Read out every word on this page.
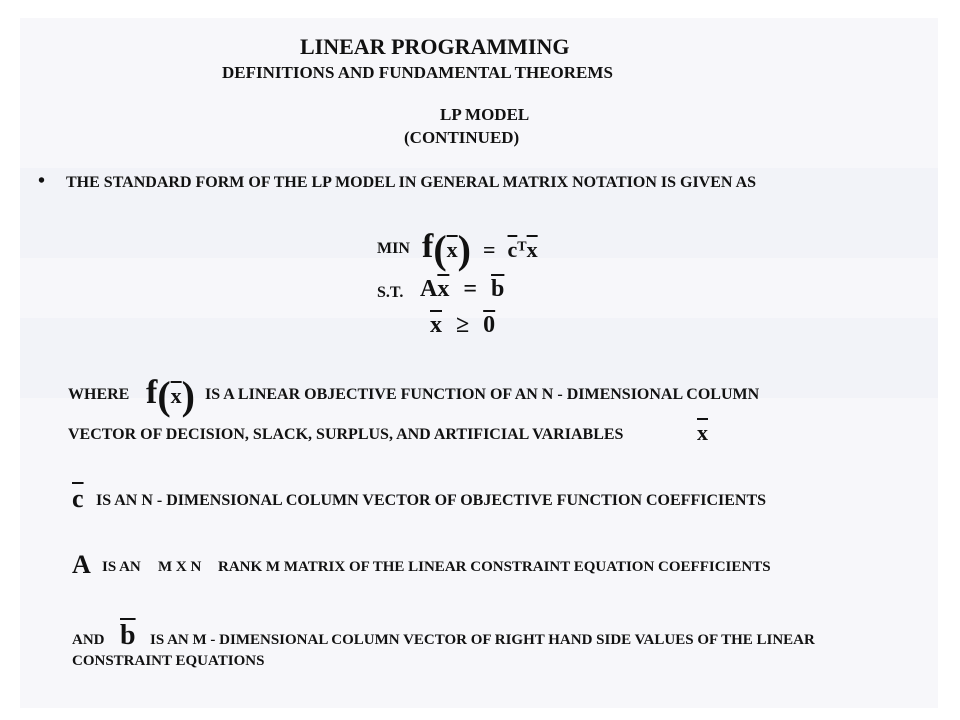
LINEAR PROGRAMMING
DEFINITIONS AND FUNDAMENTAL THEOREMS
LP MODEL
(CONTINUED)
• THE STANDARD FORM OF THE LP MODEL IN GENERAL MATRIX NOTATION IS GIVEN AS
MIN $f(\overline{x}) = \overline{c}^T\overline{x}$
S.T. $A\overline{x} = \overline{b}$
$\overline{x} \ge 0$
WHERE $f(\overline{x})$ IS A LINEAR OBJECTIVE FUNCTION OF AN N - DIMENSIONAL COLUMN
VECTOR OF DECISION, SLACK, SURPLUS, AND ARTIFICIAL VARIABLES	$\overline{x}$
$\overline{c}$ IS AN N - DIMENSIONAL COLUMN VECTOR OF OBJECTIVE FUNCTION COEFFICIENTS
A IS AN M X N RANK M MATRIX OF THE LINEAR CONSTRAINT EQUATION COEFFICIENTS
AND $\overline{b}$ IS AN M - DIMENSIONAL COLUMN VECTOR OF RIGHT HAND SIDE VALUES OF THE LINEAR
CONSTRAINT EQUATIONS
